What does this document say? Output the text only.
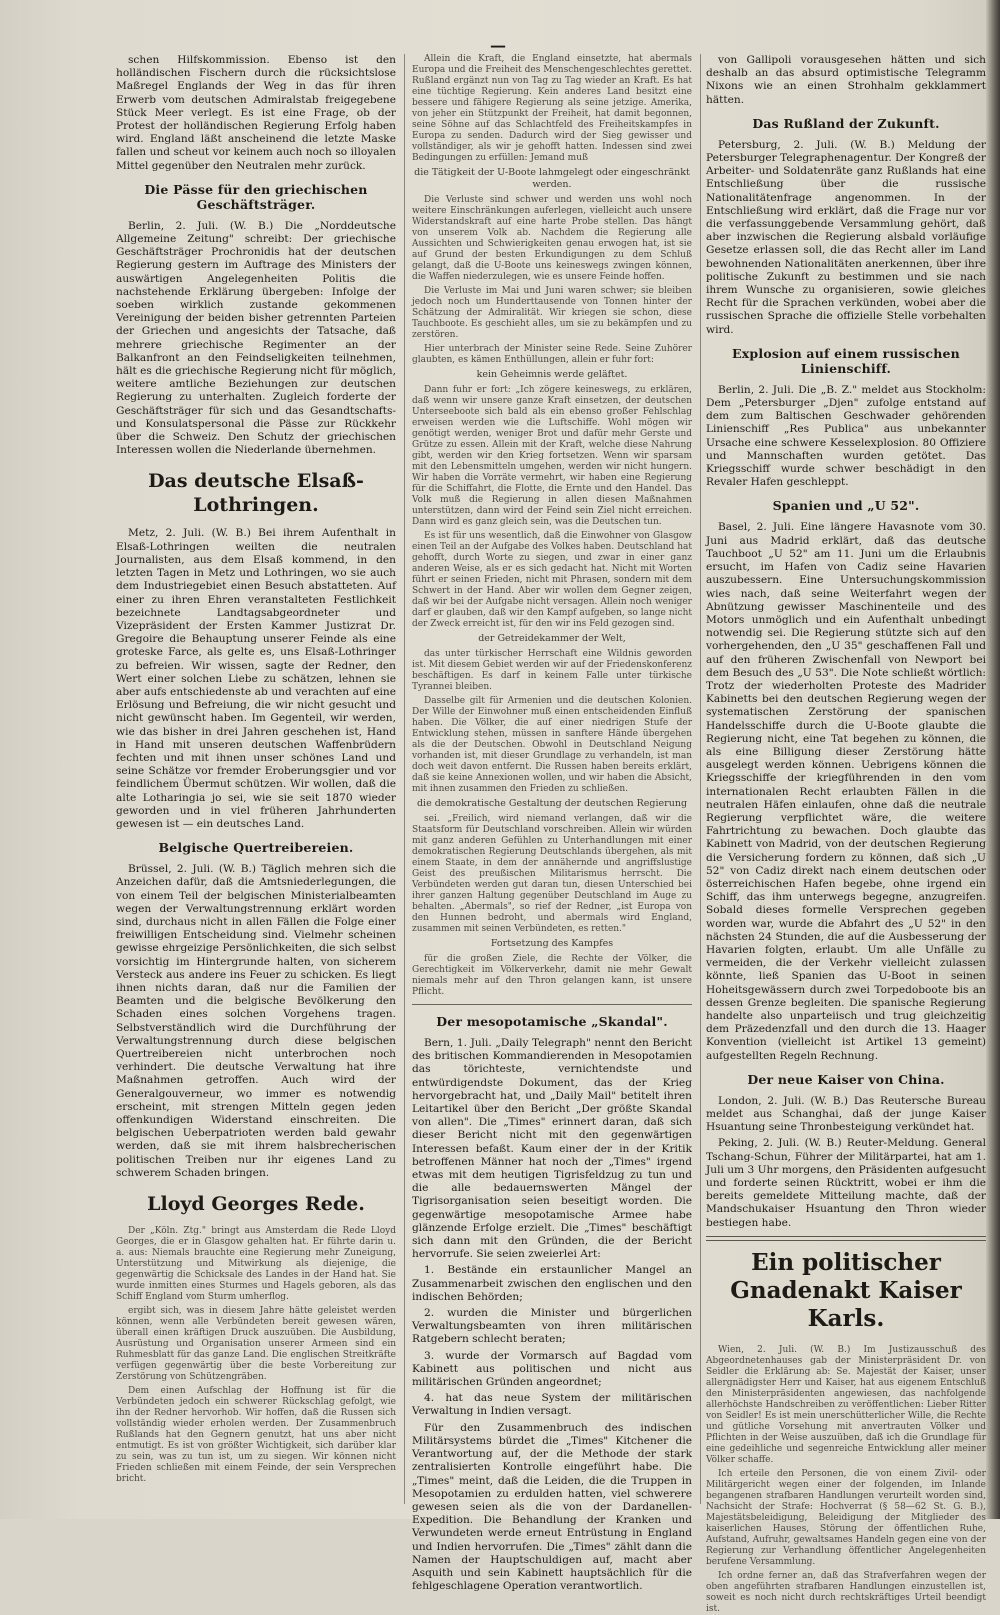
—

schen Hilfskommission. Ebenso ist den holländischen Fischern durch die rücksichtslose Maßregel Englands der Weg in das für ihren Erwerb vom deutschen Admiralstab freigegebene Stück Meer verlegt. Es ist eine Frage, ob der Protest der holländischen Regierung Erfolg haben wird. England läßt anscheinend die letzte Maske fallen und scheut vor keinem auch noch so illoyalen Mittel gegenüber den Neutralen mehr zurück.

Die Pässe für den griechischen Geschäftsträger.

Berlin, 2. Juli. (W. B.) Die „Norddeutsche Allgemeine Zeitung" schreibt: Der griechische Geschäftsträger Prochronidis hat der deutschen Regierung gestern im Auftrage des Ministers der auswärtigen Angelegenheiten Politis die nachstehende Erklärung übergeben: Infolge der soeben wirklich zustande gekommenen Vereinigung der beiden bisher getrennten Parteien der Griechen und angesichts der Tatsache, daß mehrere griechische Regimenter an der Balkanfront an den Feindseligkeiten teilnehmen, hält es die griechische Regierung nicht für möglich, weitere amtliche Beziehungen zur deutschen Regierung zu unterhalten. Zugleich forderte der Geschäftsträger für sich und das Gesandtschafts- und Konsulatspersonal die Pässe zur Rückkehr über die Schweiz. Den Schutz der griechischen Interessen wollen die Niederlande übernehmen.

Das deutsche Elsaß-Lothringen.

Metz, 2. Juli. (W. B.) Bei ihrem Aufenthalt in Elsaß-Lothringen weilten die neutralen Journalisten, aus dem Elsaß kommend, in den letzten Tagen in Metz und Lothringen, wo sie auch dem Industriegebiet einen Besuch abstatteten. Auf einer zu ihren Ehren veranstalteten Festlichkeit bezeichnete Landtagsabgeordneter und Vizepräsident der Ersten Kammer Justizrat Dr. Gregoire die Behauptung unserer Feinde als eine groteske Farce, als gelte es, uns Elsaß-Lothringer zu befreien. Wir wissen, sagte der Redner, den Wert einer solchen Liebe zu schätzen, lehnen sie aber aufs entschiedenste ab und verachten auf eine Erlösung und Befreiung, die wir nicht gesucht und nicht gewünscht haben. Im Gegenteil, wir werden, wie das bisher in drei Jahren geschehen ist, Hand in Hand mit unseren deutschen Waffenbrüdern fechten und mit ihnen unser schönes Land und seine Schätze vor fremder Eroberungsgier und vor feindlichem Übermut schützen. Wir wollen, daß die alte Lotharingia jo sei, wie sie seit 1870 wieder geworden und in viel früheren Jahrhunderten gewesen ist — ein deutsches Land.

Belgische Quertreibereien.

Brüssel, 2. Juli. (W. B.) Täglich mehren sich die Anzeichen dafür, daß die Amtsniederlegungen, die von einem Teil der belgischen Ministerialbeamten wegen der Verwaltungstrennung erklärt worden sind, durchaus nicht in allen Fällen die Folge einer freiwilligen Entscheidung sind. Vielmehr scheinen gewisse ehrgeizige Persönlichkeiten, die sich selbst vorsichtig im Hintergrunde halten, von sicherem Versteck aus andere ins Feuer zu schicken. Es liegt ihnen nichts daran, daß nur die Familien der Beamten und die belgische Bevölkerung den Schaden eines solchen Vorgehens tragen. Selbstverständlich wird die Durchführung der Verwaltungstrennung durch diese belgischen Quertreibereien nicht unterbrochen noch verhindert. Die deutsche Verwaltung hat ihre Maßnahmen getroffen. Auch wird der Generalgouverneur, wo immer es notwendig erscheint, mit strengen Mitteln gegen jeden offenkundigen Widerstand einschreiten. Die belgischen Ueberpatrioten werden bald gewahr werden, daß sie mit ihrem halsbrecherischen politischen Treiben nur ihr eigenes Land zu schwerem Schaden bringen.

Lloyd Georges Rede.

Der „Köln. Ztg." bringt aus Amsterdam die Rede Lloyd Georges, die er in Glasgow gehalten hat. Er führte darin u. a. aus: Niemals brauchte eine Regierung mehr Zuneigung, Unterstützung und Mitwirkung als diejenige, die gegenwärtig die Schicksale des Landes in der Hand hat. Sie wurde inmitten eines Sturmes und Hagels geboren, als das Schiff England vom Sturm umherflog.

ergibt sich, was in diesem Jahre hätte geleistet werden können, wenn alle Verbündeten bereit gewesen wären, überall einen kräftigen Druck auszuüben. Die Ausbildung, Ausrüstung und Organisation unserer Armeen sind ein Ruhmesblatt für das ganze Land. Die englischen Streitkräfte verfügen gegenwärtig über die beste Vorbereitung zur Zerstörung von Schützengräben.

Dem einen Aufschlag der Hoffnung ist für die Verbündeten jedoch ein schwerer Rückschlag gefolgt, wie ihn der Redner hervorhob. Wir hoffen, daß die Russen sich vollständig wieder erholen werden. Der Zusammenbruch Rußlands hat den Gegnern genutzt, hat uns aber nicht entmutigt. Es ist von größter Wichtigkeit, sich darüber klar zu sein, was zu tun ist, um zu siegen. Wir können nicht Frieden schließen mit einem Feinde, der sein Versprechen bricht.

Allein die Kraft, die England einsetzte, hat abermals Europa und die Freiheit des Menschengeschlechtes gerettet. Rußland ergänzt nun von Tag zu Tag wieder an Kraft. Es hat eine tüchtige Regierung. Kein anderes Land besitzt eine bessere und fähigere Regierung als seine jetzige. Amerika, von jeher ein Stützpunkt der Freiheit, hat damit begonnen, seine Söhne auf das Schlachtfeld des Freiheitskampfes in Europa zu senden. Dadurch wird der Sieg gewisser und vollständiger, als wir je gehofft hatten. Indessen sind zwei Bedingungen zu erfüllen: Jemand muß

die Tätigkeit der U-Boote lahmgelegt oder eingeschränkt werden.

Die Verluste sind schwer und werden uns wohl noch weitere Einschränkungen auferlegen, vielleicht auch unsere Widerstandskraft auf eine harte Probe stellen. Das hängt von unserem Volk ab. Nachdem die Regierung alle Aussichten und Schwierigkeiten genau erwogen hat, ist sie auf Grund der besten Erkundigungen zu dem Schluß gelangt, daß die U-Boote uns keineswegs zwingen können, die Waffen niederzulegen, wie es unsere Feinde hoffen.

Die Verluste im Mai und Juni waren schwer; sie bleiben jedoch noch um Hunderttausende von Tonnen hinter der Schätzung der Admiralität. Wir kriegen sie schon, diese Tauchboote. Es geschieht alles, um sie zu bekämpfen und zu zerstören.

Hier unterbrach der Minister seine Rede. Seine Zuhörer glaubten, es kämen Enthüllungen, allein er fuhr fort:

kein Geheimnis werde geläftet.

Dann fuhr er fort: „Ich zögere keineswegs, zu erklären, daß wenn wir unsere ganze Kraft einsetzen, der deutschen Unterseeboote sich bald als ein ebenso großer Fehlschlag erweisen werden wie die Luftschiffe. Wohl mögen wir genötigt werden, weniger Brot und dafür mehr Gerste und Grütze zu essen. Allein mit der Kraft, welche diese Nahrung gibt, werden wir den Krieg fortsetzen. Wenn wir sparsam mit den Lebensmitteln umgehen, werden wir nicht hungern. Wir haben die Vorräte vermehrt, wir haben eine Regierung für die Schiffahrt, die Flotte, die Ernte und den Handel. Das Volk muß die Regierung in allen diesen Maßnahmen unterstützen, dann wird der Feind sein Ziel nicht erreichen. Dann wird es ganz gleich sein, was die Deutschen tun.

Es ist für uns wesentlich, daß die Einwohner von Glasgow einen Teil an der Aufgabe des Volkes haben. Deutschland hat gehofft, durch Worte zu siegen, und zwar in einer ganz anderen Weise, als er es sich gedacht hat. Nicht mit Worten führt er seinen Frieden, nicht mit Phrasen, sondern mit dem Schwert in der Hand. Aber wir wollen dem Gegner zeigen, daß wir bei der Aufgabe nicht versagen. Allein noch weniger darf er glauben, daß wir den Kampf aufgeben, so lange nicht der Zweck erreicht ist, für den wir ins Feld gezogen sind.

der Getreidekammer der Welt,

das unter türkischer Herrschaft eine Wildnis geworden ist. Mit diesem Gebiet werden wir auf der Friedenskonferenz beschäftigen. Es darf in keinem Falle unter türkische Tyrannei bleiben.

Dasselbe gilt für Armenien und die deutschen Kolonien. Der Wille der Einwohner muß einen entscheidenden Einfluß haben. Die Völker, die auf einer niedrigen Stufe der Entwicklung stehen, müssen in sanftere Hände übergehen als die der Deutschen. Obwohl in Deutschland Neigung vorhanden ist, mit dieser Grundlage zu verhandeln, ist man doch weit davon entfernt. Die Russen haben bereits erklärt, daß sie keine Annexionen wollen, und wir haben die Absicht, mit ihnen zusammen den Frieden zu schließen.

die demokratische Gestaltung der deutschen Regierung

sei. „Freilich, wird niemand verlangen, daß wir die Staatsform für Deutschland vorschreiben. Allein wir würden mit ganz anderen Gefühlen zu Unterhandlungen mit einer demokratischen Regierung Deutschlands übergehen, als mit einem Staate, in dem der annähernde und angriffslustige Geist des preußischen Militarismus herrscht. Die Verbündeten werden gut daran tun, diesen Unterschied bei ihrer ganzen Haltung gegenüber Deutschland im Auge zu behalten. „Abermals", so rief der Redner, „ist Europa von den Hunnen bedroht, und abermals wird England, zusammen mit seinen Verbündeten, es retten."

Fortsetzung des Kampfes

für die großen Ziele, die Rechte der Völker, die Gerechtigkeit im Völkerverkehr, damit nie mehr Gewalt niemals mehr auf den Thron gelangen kann, ist unsere Pflicht.

Der mesopotamische „Skandal".

Bern, 1. Juli. „Daily Telegraph" nennt den Bericht des britischen Kommandierenden in Mesopotamien das törichteste, vernichtendste und entwürdigendste Dokument, das der Krieg hervorgebracht hat, und „Daily Mail" betitelt ihren Leitartikel über den Bericht „Der größte Skandal von allen". Die „Times" erinnert daran, daß sich dieser Bericht nicht mit den gegenwärtigen Interessen befaßt. Kaum einer der in der Kritik betroffenen Männer hat noch der „Times" irgend etwas mit dem heutigen Tigrisfeldzug zu tun und die alle bedauernswerten Mängel der Tigrisorganisation seien beseitigt worden. Die gegenwärtige mesopotamische Armee habe glänzende Erfolge erzielt. Die „Times" beschäftigt sich dann mit den Gründen, die der Bericht hervorrufe. Sie seien zweierlei Art:

1. Bestände ein erstaunlicher Mangel an Zusammenarbeit zwischen den englischen und den indischen Behörden;

2. wurden die Minister und bürgerlichen Verwaltungsbeamten von ihren militärischen Ratgebern schlecht beraten;

3. wurde der Vormarsch auf Bagdad vom Kabinett aus politischen und nicht aus militärischen Gründen angeordnet;

4. hat das neue System der militärischen Verwaltung in Indien versagt.

Für den Zusammenbruch des indischen Militärsystems bürdet die „Times" Kitchener die Verantwortung auf, der die Methode der stark zentralisierten Kontrolle eingeführt habe. Die „Times" meint, daß die Leiden, die die Truppen in Mesopotamien zu erdulden hatten, viel schwerere gewesen seien als die von der Dardanellen-Expedition. Die Behandlung der Kranken und Verwundeten werde erneut Entrüstung in England und Indien hervorrufen. Die „Times" zählt dann die Namen der Hauptschuldigen auf, macht aber Asquith und sein Kabinett hauptsächlich für die fehlgeschlagene Operation verantwortlich.

von Gallipoli vorausgesehen hätten und sich deshalb an das absurd optimistische Telegramm Nixons wie an einen Strohhalm gekklammert hätten.

Das Rußland der Zukunft.

Petersburg, 2. Juli. (W. B.) Meldung der Petersburger Telegraphenagentur. Der Kongreß der Arbeiter- und Soldatenräte ganz Rußlands hat eine Entschließung über die russische Nationalitätenfrage angenommen. In der Entschließung wird erklärt, daß die Frage nur vor die verfassunggebende Versammlung gehört, daß aber inzwischen die Regierung alsbald vorläufige Gesetze erlassen soll, die das Recht aller im Land bewohnenden Nationalitäten anerkennen, über ihre politische Zukunft zu bestimmen und sie nach ihrem Wunsche zu organisieren, sowie gleiches Recht für die Sprachen verkünden, wobei aber die russischen Sprache die offizielle Stelle vorbehalten wird.

Explosion auf einem russischen Linienschiff.

Berlin, 2. Juli. Die „B. Z." meldet aus Stockholm: Dem „Petersburger „Djen" zufolge entstand auf dem zum Baltischen Geschwader gehörenden Linienschiff „Res Publica" aus unbekannter Ursache eine schwere Kesselexplosion. 80 Offiziere und Mannschaften wurden getötet. Das Kriegsschiff wurde schwer beschädigt in den Revaler Hafen geschleppt.

Spanien und „U 52".

Basel, 2. Juli. Eine längere Havasnote vom 30. Juni aus Madrid erklärt, daß das deutsche Tauchboot „U 52" am 11. Juni um die Erlaubnis ersucht, im Hafen von Cadiz seine Havarien auszubessern. Eine Untersuchungskommission wies nach, daß seine Weiterfahrt wegen der Abnützung gewisser Maschinenteile und des Motors unmöglich und ein Aufenthalt unbedingt notwendig sei. Die Regierung stützte sich auf den vorhergehenden, den „U 35" geschaffenen Fall und auf den früheren Zwischenfall von Newport bei dem Besuch des „U 53". Die Note schließt wörtlich: Trotz der wiederholten Proteste des Madrider Kabinetts bei den deutschen Regierung wegen der systematischen Zerstörung der spanischen Handelsschiffe durch die U-Boote glaubte die Regierung nicht, eine Tat begehen zu können, die als eine Billigung dieser Zerstörung hätte ausgelegt werden können. Uebrigens können die Kriegsschiffe der kriegführenden in den vom internationalen Recht erlaubten Fällen in die neutralen Häfen einlaufen, ohne daß die neutrale Regierung verpflichtet wäre, die weitere Fahrtrichtung zu bewachen. Doch glaubte das Kabinett von Madrid, von der deutschen Regierung die Versicherung fordern zu können, daß sich „U 52" von Cadiz direkt nach einem deutschen oder österreichischen Hafen begebe, ohne irgend ein Schiff, das ihm unterwegs begegne, anzugreifen. Sobald dieses formelle Versprechen gegeben worden war, wurde die Abfahrt des „U 52" in den nächsten 24 Stunden, die auf die Ausbesserung der Havarien folgten, erlaubt. Um alle Unfälle zu vermeiden, die der Verkehr vielleicht zulassen könnte, ließ Spanien das U-Boot in seinen Hoheitsgewässern durch zwei Torpedoboote bis an dessen Grenze begleiten. Die spanische Regierung handelte also unparteiisch und trug gleichzeitig dem Präzedenzfall und den durch die 13. Haager Konvention (vielleicht ist Artikel 13 gemeint) aufgestellten Regeln Rechnung.

Der neue Kaiser von China.

London, 2. Juli. (W. B.) Das Reutersche Bureau meldet aus Schanghai, daß der junge Kaiser Hsuantung seine Thronbesteigung verkündet hat.

Peking, 2. Juli. (W. B.) Reuter-Meldung. General Tschang-Schun, Führer der Militärpartei, hat am 1. Juli um 3 Uhr morgens, den Präsidenten aufgesucht und forderte seinen Rücktritt, wobei er ihm die bereits gemeldete Mitteilung machte, daß der Mandschukaiser Hsuantung den Thron wieder bestiegen habe.

Ein politischer Gnadenakt Kaiser Karls.

Wien, 2. Juli. (W. B.) Im Justizausschuß des Abgeordnetenhauses gab der Ministerpräsident Dr. von Seidler die Erklärung ab: Se. Majestät der Kaiser, unser allergnädigster Herr und Kaiser, hat aus eigenem Entschluß den Ministerpräsidenten angewiesen, das nachfolgende allerhöchste Handschreiben zu veröffentlichen: Lieber Ritter von Seidler! Es ist mein unerschütterlicher Wille, die Rechte und gütliche Vorsehung mit anvertrauten Völker und Pflichten in der Weise auszuüben, daß ich die Grundlage für eine gedeihliche und segenreiche Entwicklung aller meiner Völker schaffe.

Ich erteile den Personen, die von einem Zivil- oder Militärgericht wegen einer der folgenden, im Inlande begangenen strafbaren Handlungen verurteilt worden sind, Nachsicht der Strafe: Hochverrat (§ 58—62 St. G. B.), Majestätsbeleidigung, Beleidigung der Mitglieder des kaiserlichen Hauses, Störung der öffentlichen Ruhe, Aufstand, Aufruhr, gewaltsames Handeln gegen eine von der Regierung zur Verhandlung öffentlicher Angelegenheiten berufene Versammlung.

Ich ordne ferner an, daß das Strafverfahren wegen der oben angeführten strafbaren Handlungen einzustellen ist, soweit es noch nicht durch rechtskräftiges Urteil beendigt ist.
